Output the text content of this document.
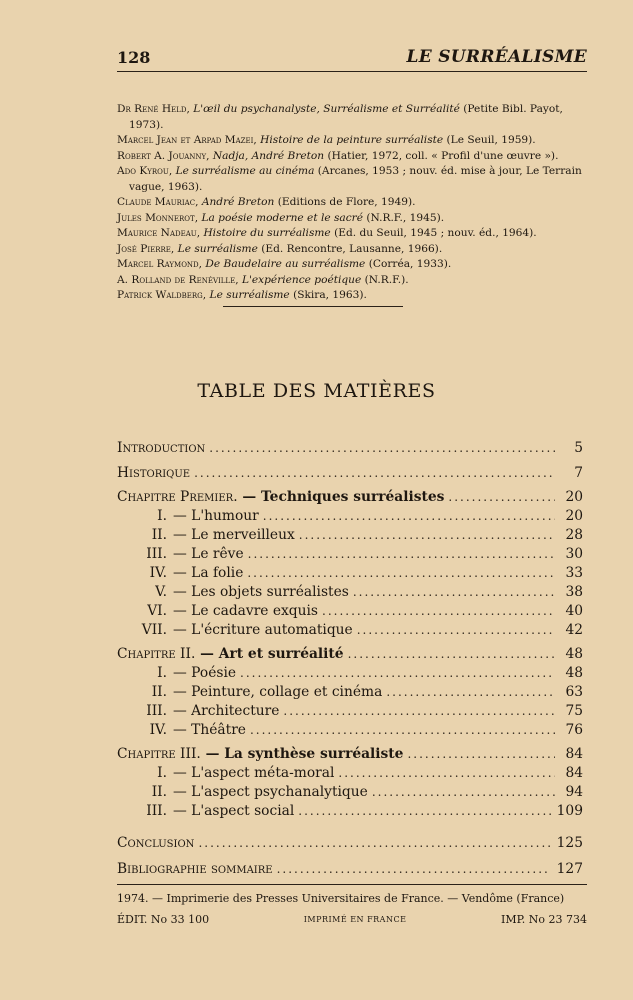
128	LE SURRÉALISME
Dr René Held, L'œil du psychanalyste, Surréalisme et Surréalité (Petite Bibl. Payot, 1973).
Marcel Jean et Arpad Mazei, Histoire de la peinture surréaliste (Le Seuil, 1959).
Robert A. Jouanny, Nadja, André Breton (Hatier, 1972, coll. « Profil d'une œuvre »).
Ado Kyrou, Le surréalisme au cinéma (Arcanes, 1953 ; nouv. éd. mise à jour, Le Terrain vague, 1963).
Claude Mauriac, André Breton (Editions de Flore, 1949).
Jules Monnerot, La poésie moderne et le sacré (N.R.F., 1945).
Maurice Nadeau, Histoire du surréalisme (Ed. du Seuil, 1945 ; nouv. éd., 1964).
José Pierre, Le surréalisme (Ed. Rencontre, Lausanne, 1966).
Marcel Raymond, De Baudelaire au surréalisme (Corréa, 1933).
A. Rolland de Renéville, L'expérience poétique (N.R.F.).
Patrick Waldberg, Le surréalisme (Skira, 1963).
TABLE DES MATIÈRES
Introduction .....	5
Historique .....	7
Chapitre Premier. — Techniques surréalistes .....	20
I. — L'humour .....	20
II. — Le merveilleux .....	28
III. — Le rêve .....	30
IV. — La folie .....	33
V. — Les objets surréalistes .....	38
VI. — Le cadavre exquis .....	40
VII. — L'écriture automatique .....	42
Chapitre II. — Art et surréalité .....	48
I. — Poésie .....	48
II. — Peinture, collage et cinéma .....	63
III. — Architecture .....	75
IV. — Théâtre .....	76
Chapitre III. — La synthèse surréaliste .....	84
I. — L'aspect méta-moral .....	84
II. — L'aspect psychanalytique .....	94
III. — L'aspect social .....	109
Conclusion .....	125
Bibliographie sommaire .....	127
1974. — Imprimerie des Presses Universitaires de France. — Vendôme (France)
ÉDIT. No 33 100	IMPRIMÉ EN FRANCE	IMP. No 23 734
